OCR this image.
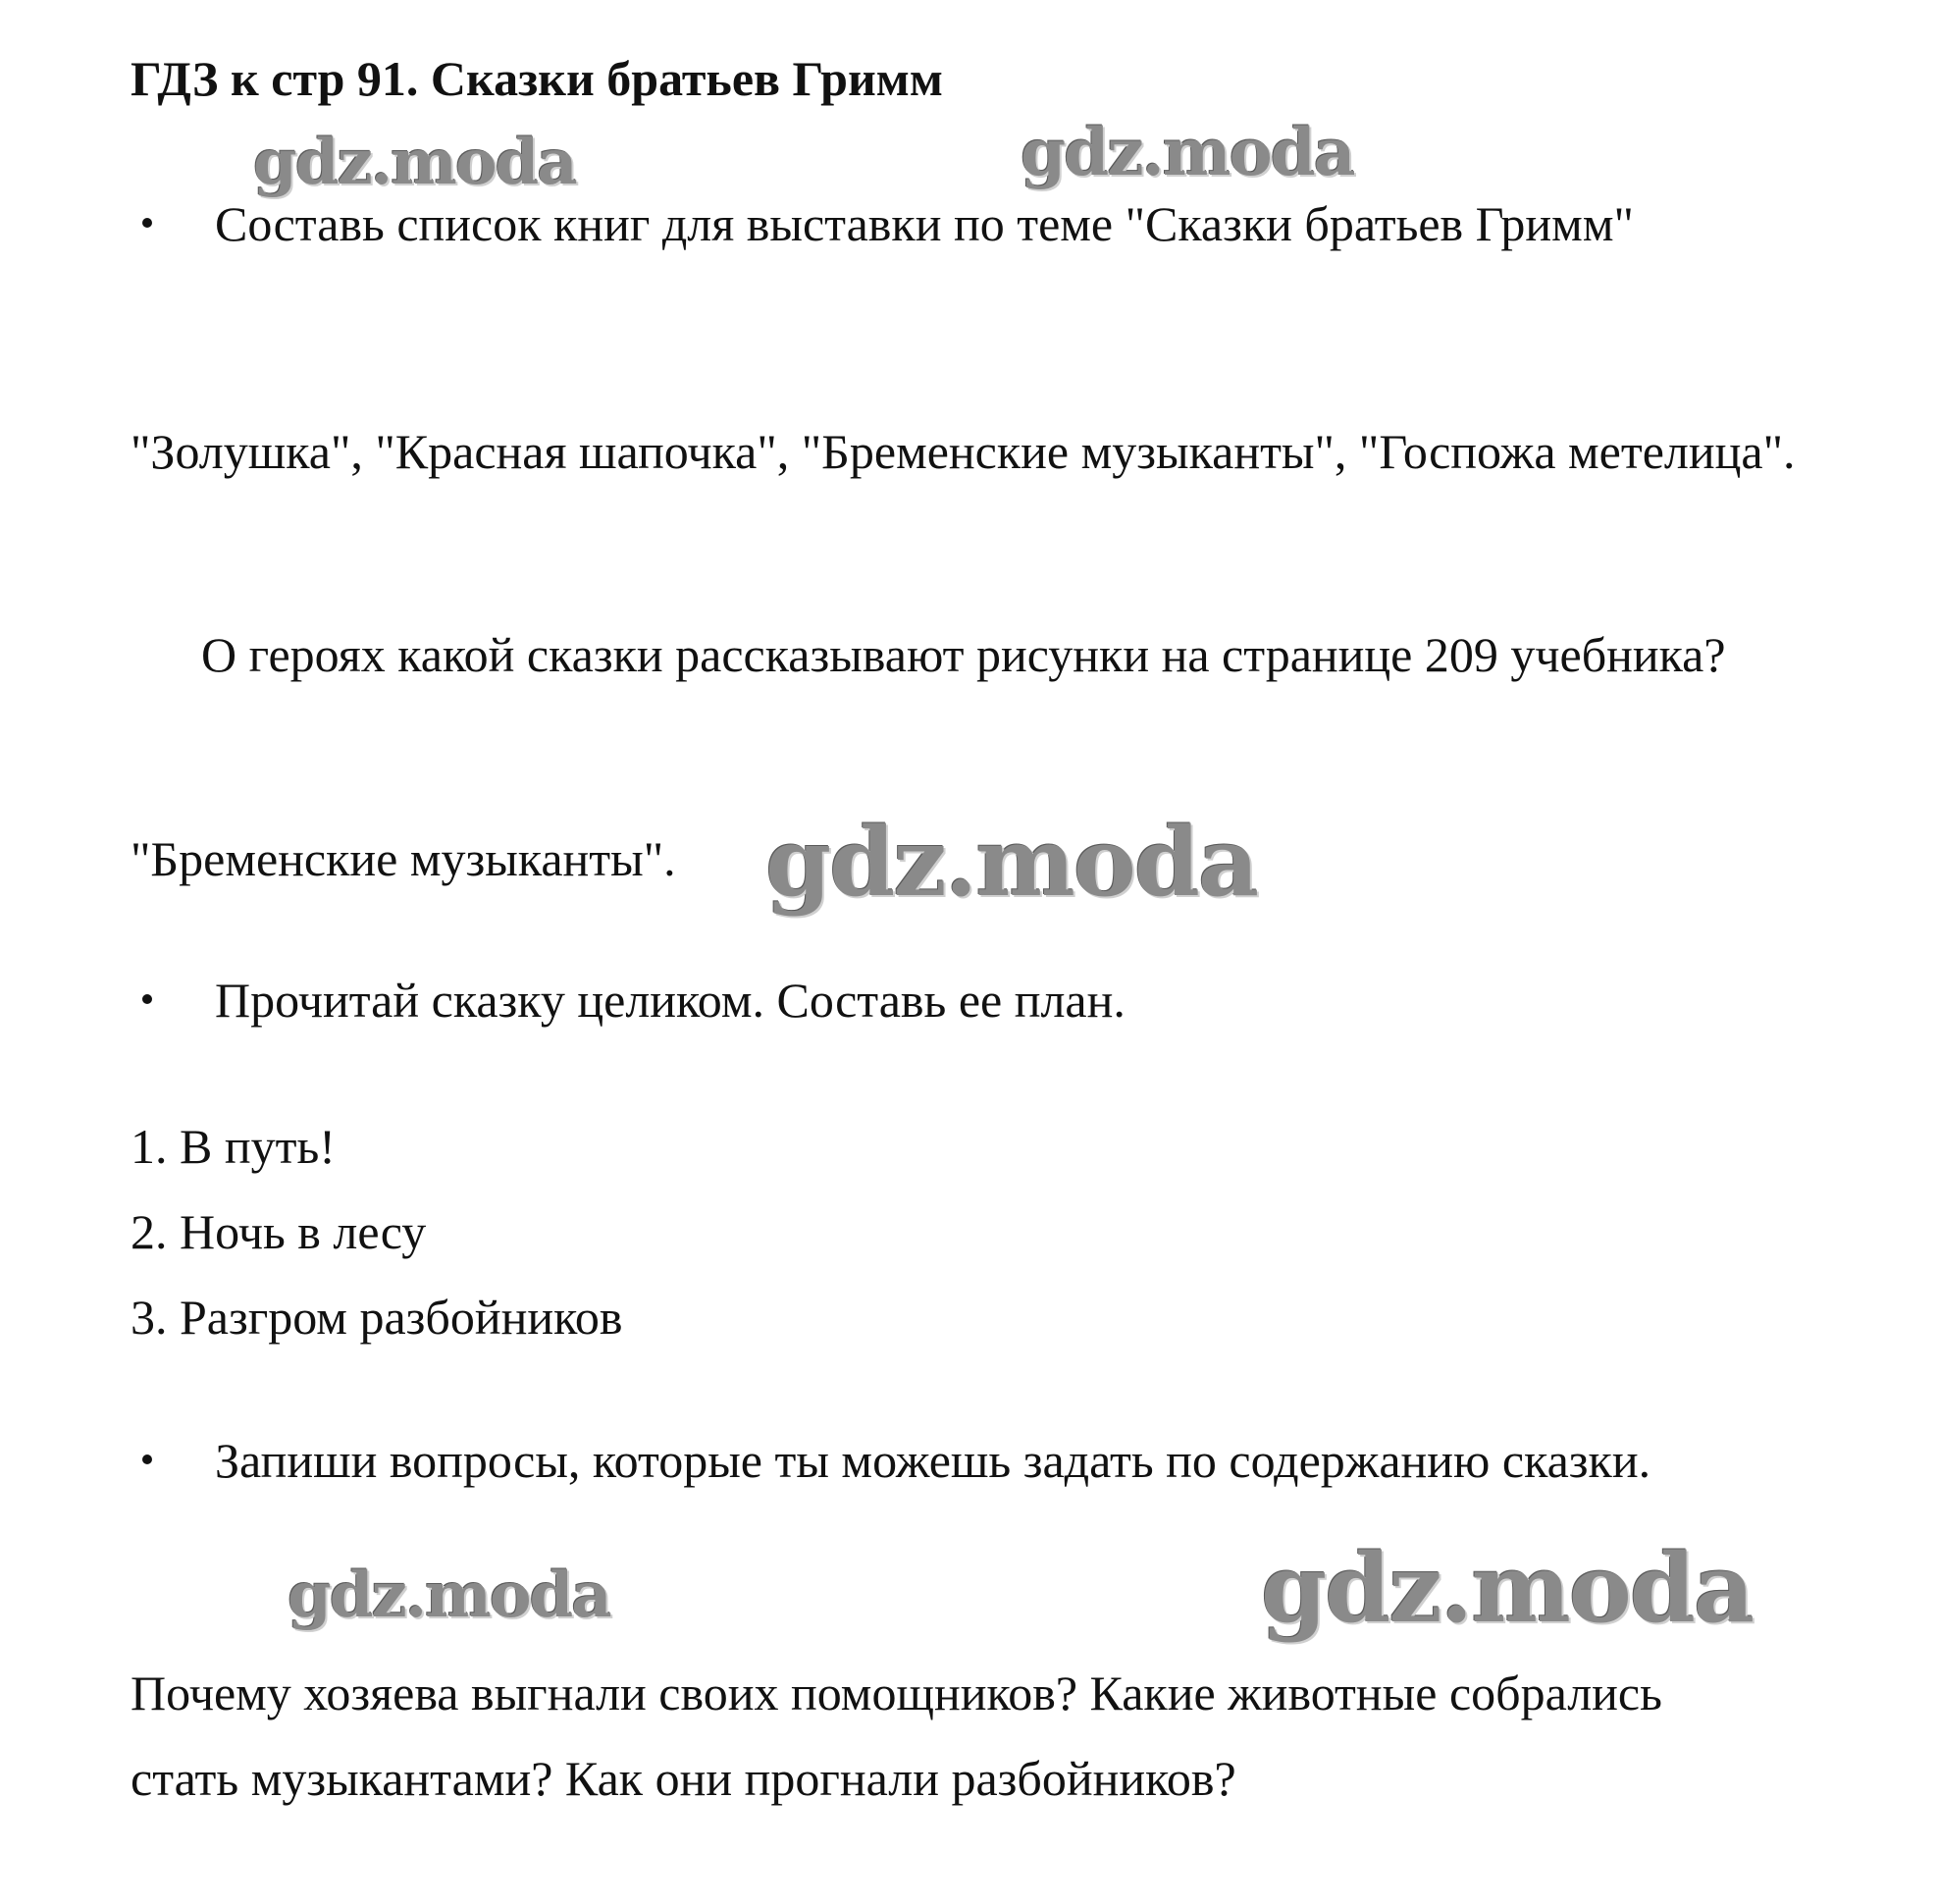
ГДЗ к стр 91. Сказки братьев Гримм
gdz.moda	gdz.moda
Составь список книг для выставки по теме "Сказки братьев Гримм"
"Золушка", "Красная шапочка", "Бременские музыканты", "Госпожа метелица".
О героях какой сказки рассказывают рисунки на странице 209 учебника?
"Бременские музыканты". gdz.moda
Прочитай сказку целиком. Составь ее план.
1. В путь!
2. Ночь в лесу
3. Разгром разбойников
Запиши вопросы, которые ты можешь задать по содержанию сказки.
gdz.moda	gdz.moda
Почему хозяева выгнали своих помощников? Какие животные собрались стать музыкантами? Как они прогнали разбойников?
